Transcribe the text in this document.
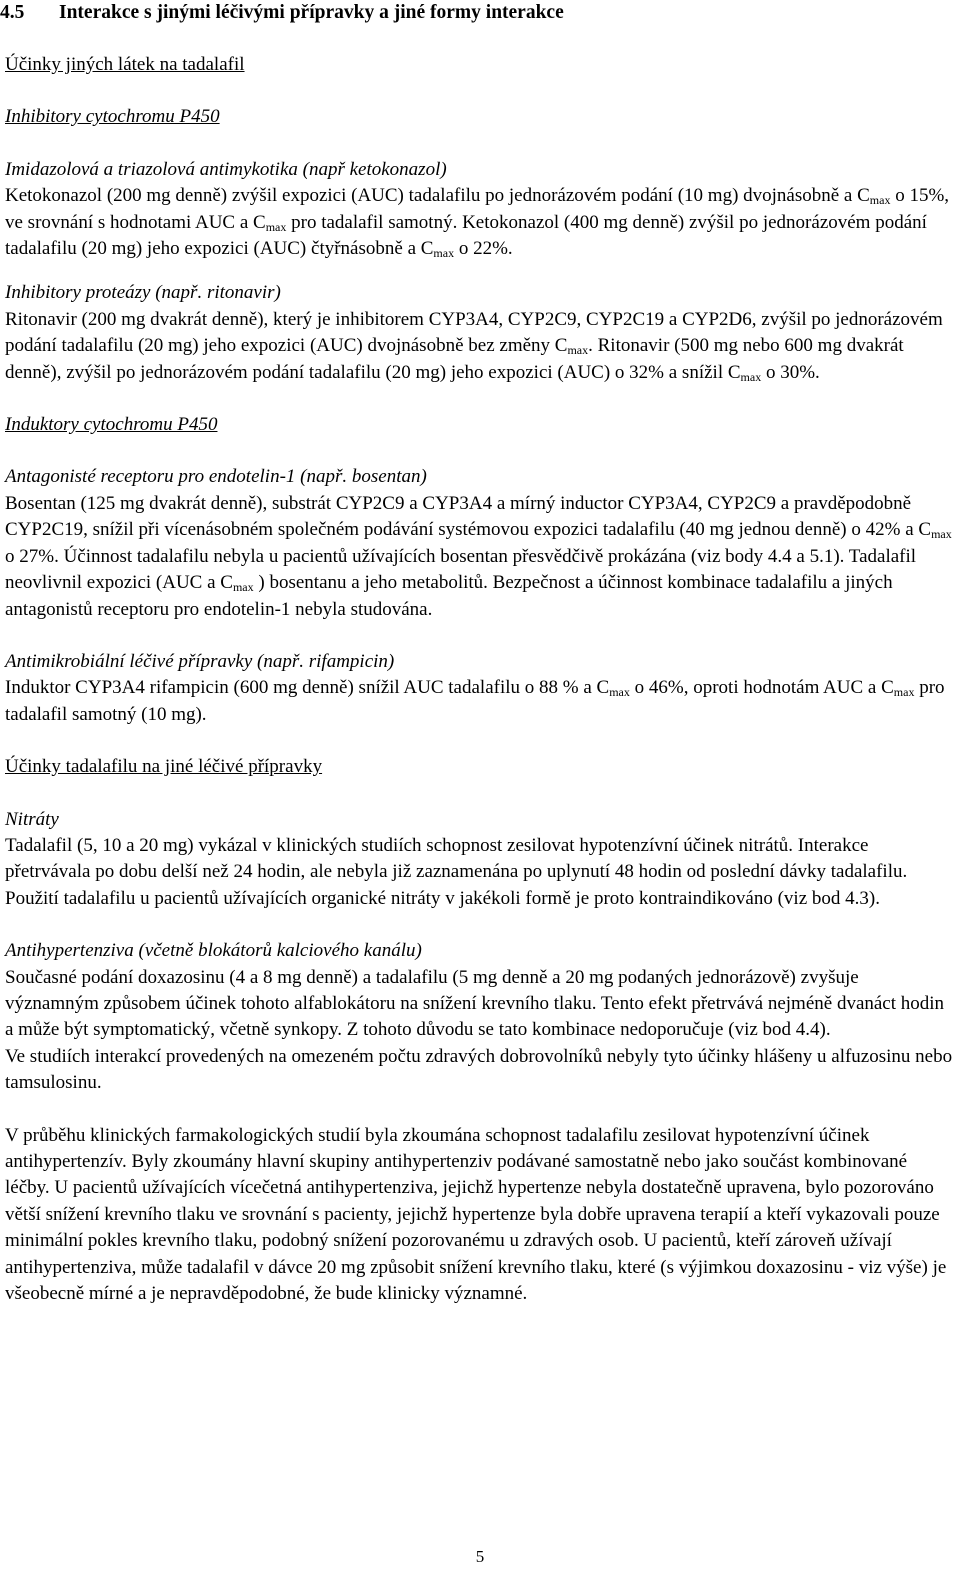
4.5 Interakce s jinými léčivými přípravky a jiné formy interakce

Účinky jiných látek na tadalafil

Inhibitory cytochromu P450

Imidazolová a triazolová antimykotika (např ketokonazol)

Ketokonazol (200 mg denně) zvýšil expozici (AUC) tadalafilu po jednorázovém podání (10 mg) dvojnásobně a $C_{max}$ o 15%, ve srovnání s hodnotami AUC a $C_{max}$ pro tadalafil samotný. Ketokonazol (400 mg denně) zvýšil po jednorázovém podání tadalafilu (20 mg) jeho expozici (AUC) čtyřnásobně a $C_{max}$ o 22%.

Inhibitory proteázy (např. ritonavir)

Ritonavir (200 mg dvakrát denně), který je inhibitorem CYP3A4, CYP2C9, CYP2C19 a CYP2D6, zvýšil po jednorázovém podání tadalafilu (20 mg) jeho expozici (AUC) dvojnásobně bez změny $C_{max}$. Ritonavir (500 mg nebo 600 mg dvakrát denně), zvýšil po jednorázovém podání tadalafilu (20 mg) jeho expozici (AUC) o 32% a snížil $C_{max}$ o 30%.

Induktory cytochromu P450

Antagonisté receptoru pro endotelin-1 (např. bosentan)

Bosentan (125 mg dvakrát denně), substrát CYP2C9 a CYP3A4 a mírný inductor CYP3A4, CYP2C9 a pravděpodobně CYP2C19, snížil při vícenásobném společném podávání systémovou expozici tadalafilu (40 mg jednou denně) o 42% a $C_{max}$ o 27%. Účinnost tadalafilu nebyla u pacientů užívajících bosentan přesvědčivě prokázána (viz body 4.4 a 5.1). Tadalafil neovlivnil expozici (AUC a $C_{max}$ ) bosentanu a jeho metabolitů. Bezpečnost a účinnost kombinace tadalafilu a jiných antagonistů receptoru pro endotelin-1 nebyla studována.

Antimikrobiální léčivé přípravky (např. rifampicin)

Induktor CYP3A4 rifampicin (600 mg denně) snížil AUC tadalafilu o 88 % a $C_{max}$ o 46%, oproti hodnotám AUC a $C_{max}$ pro tadalafil samotný (10 mg).

Účinky tadalafilu na jiné léčivé přípravky

Nitráty

Tadalafil (5, 10 a 20 mg) vykázal v klinických studiích schopnost zesilovat hypotenzívní účinek nitrátů. Interakce přetrvávala po dobu delší než 24 hodin, ale nebyla již zaznamenána po uplynutí 48 hodin od poslední dávky tadalafilu. Použití tadalafilu u pacientů užívajících organické nitráty v jakékoli formě je proto kontraindikováno (viz bod 4.3).

Antihypertenziva (včetně blokátorů kalciového kanálu)

Současné podání doxazosinu (4 a 8 mg denně) a tadalafilu (5 mg denně a 20 mg podaných jednorázově) zvyšuje významným způsobem účinek tohoto alfablokátoru na snížení krevního tlaku. Tento efekt přetrvává nejméně dvanáct hodin a může být symptomatický, včetně synkopy. Z tohoto důvodu se tato kombinace nedoporučuje (viz bod 4.4).

Ve studiích interakcí provedených na omezeném počtu zdravých dobrovolníků nebyly tyto účinky hlášeny u alfuzosinu nebo tamsulosinu.

V průběhu klinických farmakologických studií byla zkoumána schopnost tadalafilu zesilovat hypotenzívní účinek antihypertenzív. Byly zkoumány hlavní skupiny antihypertenziv podávané samostatně nebo jako součást kombinované léčby. U pacientů užívajících vícečetná antihypertenziva, jejichž hypertenze nebyla dostatečně upravena, bylo pozorováno větší snížení krevního tlaku ve srovnání s pacienty, jejichž hypertenze byla dobře upravena terapií a kteří vykazovali pouze minimální pokles krevního tlaku, podobný snížení pozorovanému u zdravých osob. U pacientů, kteří zároveň užívají antihypertenziva, může tadalafil v dávce 20 mg způsobit snížení krevního tlaku, které (s výjimkou doxazosinu - viz výše) je všeobecně mírné a je nepravděpodobné, že bude klinicky významné.

5
